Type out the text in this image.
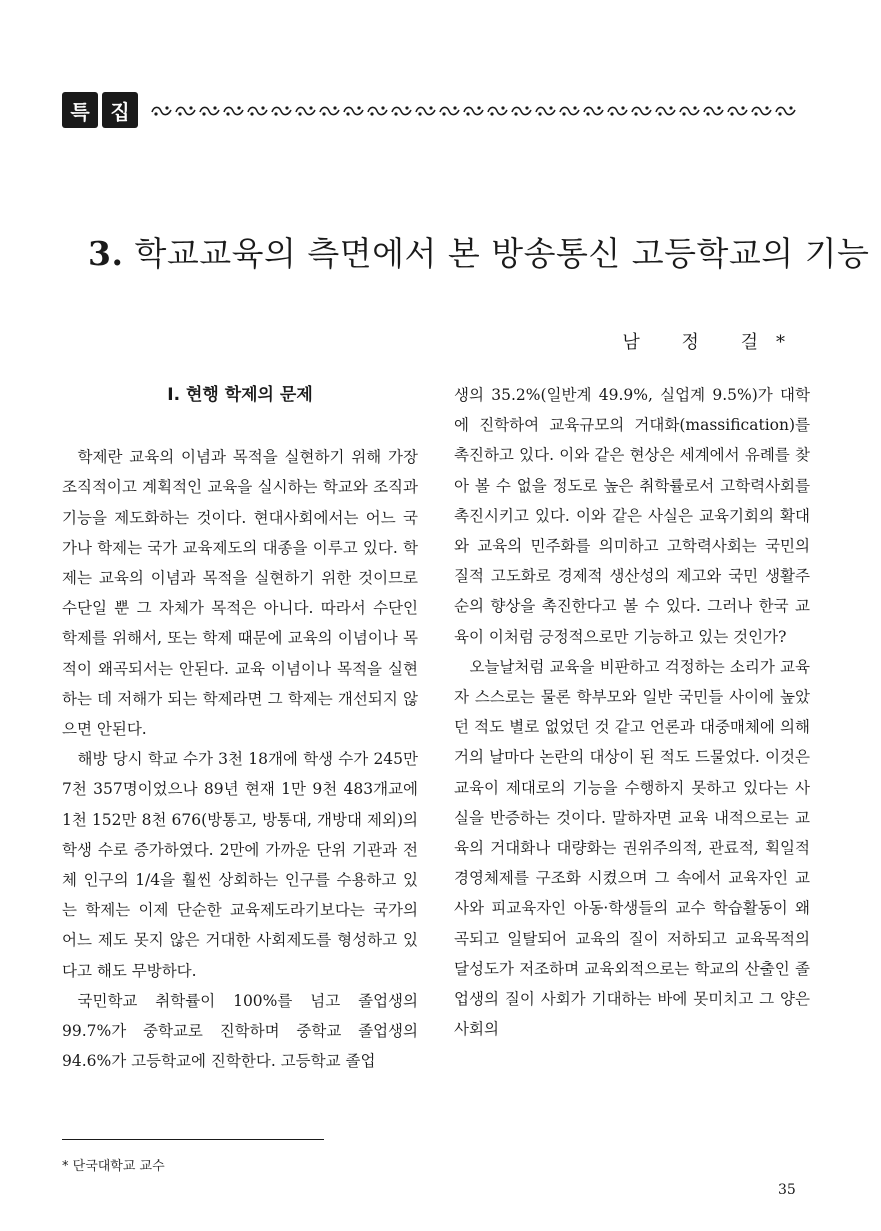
특	집
3. 학교교육의 측면에서 본 방송통신 고등학교의 기능
남 정 걸*
Ⅰ. 현행 학제의 문제

학제란 교육의 이념과 목적을 실현하기 위해 가장 조직적이고 계획적인 교육을 실시하는 학교와 조직과 기능을 제도화하는 것이다. 현대사회에서는 어느 국가나 학제는 국가 교육제도의 대종을 이루고 있다. 학제는 교육의 이념과 목적을 실현하기 위한 것이므로 수단일 뿐 그 자체가 목적은 아니다. 따라서 수단인 학제를 위해서, 또는 학제 때문에 교육의 이념이나 목적이 왜곡되서는 안된다. 교육 이념이나 목적을 실현하는 데 저해가 되는 학제라면 그 학제는 개선되지 않으면 안된다.

해방 당시 학교 수가 3천 18개에 학생 수가 245만 7천 357명이었으나 89년 현재 1만 9천 483개교에 1천 152만 8천 676(방통고, 방통대, 개방대 제외)의 학생 수로 증가하였다. 2만에 가까운 단위 기관과 전체 인구의 1/4을 훨씬 상회하는 인구를 수용하고 있는 학제는 이제 단순한 교육제도라기보다는 국가의 어느 제도 못지 않은 거대한 사회제도를 형성하고 있다고 해도 무방하다.

국민학교 취학률이 100%를 넘고 졸업생의 99.7%가 중학교로 진학하며 중학교 졸업생의 94.6%가 고등학교에 진학한다. 고등학교 졸업

생의 35.2%(일반계 49.9%, 실업계 9.5%)가 대학에 진학하여 교육규모의 거대화(massification)를 촉진하고 있다. 이와 같은 현상은 세계에서 유례를 찾아 볼 수 없을 정도로 높은 취학률로서 고학력사회를 촉진시키고 있다. 이와 같은 사실은 교육기회의 확대와 교육의 민주화를 의미하고 고학력사회는 국민의 질적 고도화로 경제적 생산성의 제고와 국민 생활주순의 향상을 촉진한다고 볼 수 있다. 그러나 한국 교육이 이처럼 긍정적으로만 기능하고 있는 것인가?

오늘날처럼 교육을 비판하고 걱정하는 소리가 교육자 스스로는 물론 학부모와 일반 국민들 사이에 높았던 적도 별로 없었던 것 같고 언론과 대중매체에 의해 거의 날마다 논란의 대상이 된 적도 드물었다. 이것은 교육이 제대로의 기능을 수행하지 못하고 있다는 사실을 반증하는 것이다. 말하자면 교육 내적으로는 교육의 거대화나 대량화는 권위주의적, 관료적, 획일적 경영체제를 구조화 시켰으며 그 속에서 교육자인 교사와 피교육자인 아동·학생들의 교수 학습활동이 왜곡되고 일탈되어 교육의 질이 저하되고 교육목적의 달성도가 저조하며 교육외적으로는 학교의 산출인 졸업생의 질이 사회가 기대하는 바에 못미치고 그 양은 사회의

* 단국대학교 교수
35
